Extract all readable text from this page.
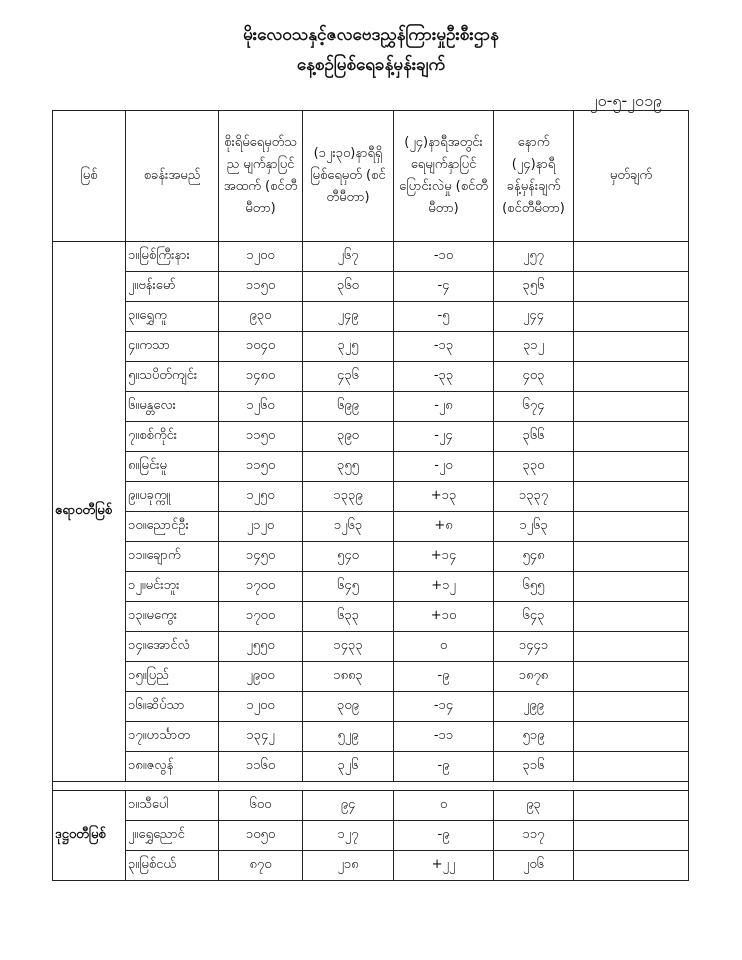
မိုးလေဝသနှင့်ဇလဗေဒညွှန်ကြားမှုဦးစီးဌာန
နေ့စဉ်မြစ်ရေခန့်မှန်းချက်
၂၀-၅-၂၀၁၉
မြစ်	စခန်းအမည်	စိုးရိမ်ရေမှတ်သည မျက်နှာပြင် အထက် (စင်တီမီတာ)	(၁၂း၃၀)နာရီရှိ မြစ်ရေမှတ် (စင်တီမီတာ)	(၂၄)နာရီအတွင်း ရေမျက်နှာပြင် ပြောင်းလဲမှု (စင်တီမီတာ)	နောက် (၂၄)နာရီ ခန့်မှန်းချက် (စင်တီမီတာ)	မှတ်ချက်
ဧရာဝတီမြစ်	၁။မြစ်ကြီးနား	၁၂၀၀	၂၆၇	-၁၀	၂၅၇	
	၂။ဗန်းမော်	၁၁၅၀	၃၆၀	-၄	၃၅၆	
	၃။ရွှေကူ	၉၃၀	၂၄၉	-၅	၂၄၄	
	၄။ကသာ	၁၀၄၀	၃၂၅	-၁၃	၃၁၂	
	၅။သပိတ်ကျင်း	၁၄၈၀	၄၃၆	-၃၃	၄၀၃	
	၆။မန္တလေး	၁၂၆၀	၆၉၉	-၂၈	၆၇၄	
	၇။စစ်ကိုင်း	၁၁၅၀	၃၉၀	-၂၄	၃၆၆	
	၈။မြင်းမူ	၁၁၅၀	၃၅၅	-၂၀	၃၃၀	
	၉။ပခုက္ကူ	၁၂၅၀	၁၃၃၉	+၁၃	၁၃၃၇	
	၁၀။ညောင်ဦး	၂၁၂၀	၁၂၆၃	+၈	၁၂၆၃	
	၁၁။ချောက်	၁၄၅၀	၅၄၀	+၁၄	၅၄၈	
	၁၂။မင်းဘူး	၁၇၀၀	၆၄၅	+၁၂	၆၅၅	
	၁၃။မကွေး	၁၇၀၀	၆၃၃	+၁၀	၆၄၃	
	၁၄။အောင်လံ	၂၅၅၀	၁၄၃၃	၀	၁၄၄၁	
	၁၅။ပြည်	၂၉၀၀	၁၈၈၃	-၉	၁၈၇၈	
	၁၆။ဆိပ်သာ	၁၂၀၀	၃၀၉	-၁၄	၂၉၉	
	၁၇။ဟင်္သာတ	၁၃၄၂	၅၂၉	-၁၁	၅၁၉	
	၁၈။ဇလွန်	၁၁၆၀	၃၂၆	-၉	၃၁၆	

ဒုဋ္ဌဝတီမြစ်	၁။သီပေါ	၆၀၀	၉၄	၀	၉၃	
	၂။ရွှေညောင်	၁၀၅၀	၁၂၇	-၉	၁၁၇	
	၃။မြစ်ငယ်	၈၇၀	၂၁၈	+၂၂	၂၀၆	
